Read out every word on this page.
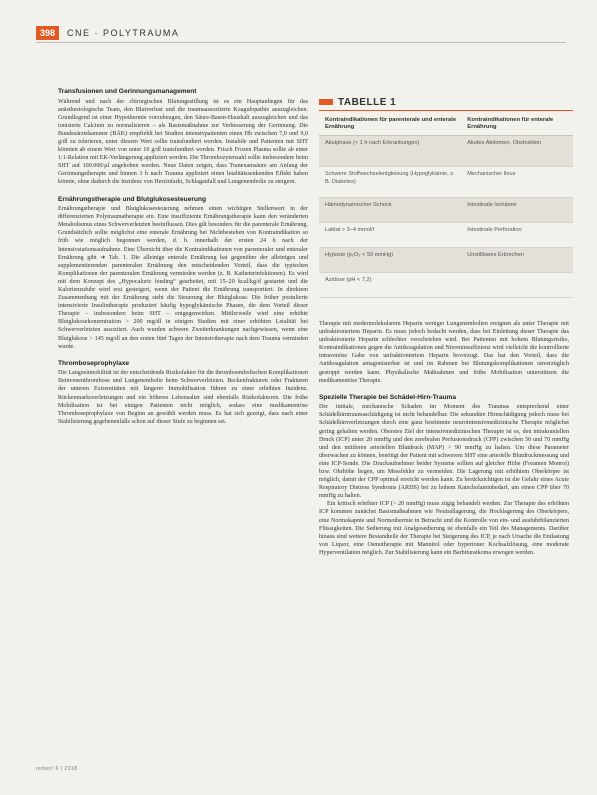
398	CNE · POLYTRAUMA
Transfusionen und Gerinnungsmanagement

Während und nach der chirurgischen Blutungsstillung ist es ein Hauptanliegen für das anästhesiologische Team, den Blutverlust und die traumaassoziierte Koagulopathie auszugleichen. Grundlegend ist einer Hypothermie vorzubeugen, den Säure-Basen-Haushalt auszugleichen und das ionisierte Calcium zu normalisieren – als Basismaßnahme zur Verbesserung der Gerinnung. Die Bundesärztekammer (BÄK) empfiehlt bei Studien intensivpatienten einen Hb zwischen 7,0 und 9,0 g/dl zu tolerieren, unter diesem Wert sollte transfundiert werden. Instabile und Patienten mit SHT könnten ab einem Wert von unter 10 g/dl transfundiert werden. Frisch Frozen Plasma sollte ab einer 1:1-Relation mit EK-Verlängerung appliziert werden. Die Thrombozytenzahl sollte insbesondere beim SHT auf 100.000/µl angehoben werden. Neue Daten zeigen, dass Tranexamsäure am Anfang der Gerinnungstherapie und binnen 3 h nach Trauma appliziert einen letalitätssenkenden Effekt haben könnte, ohne dadurch die Inzidenz von Herzinfarkt, Schlaganfall und Lungenembolie zu steigern.

Ernährungstherapie und Blutglukosesteuerung

Ernährungstherapie und Blutglukosesteuerung nehmen einen wichtigen Stellenwert in der differenzierten Polytraumatherapie ein. Eine insuffiziente Ernährungstherapie kann den veränderten Metabolismus eines Schwerverletzten beeinflussen. Dies gilt besonders für die parenterale Ernährung. Grundsätzlich sollte möglichst eine enterale Ernährung bei Nichtbestehen von Kontraindikation so früh wie möglich begonnen werden, d. h. innerhalb der ersten 24 h nach der Intensivstationsaufnahme. Eine Übersicht über die Kontraindikationen von parenteraler und enteraler Ernährung gibt ➜ Tab. 1. Die alleinige enterale Ernährung hat gegenüber der alleinigen und supplementierenden parenteralen Ernährung den entscheidenden Vorteil, dass die typischen Komplikationen der parenteralen Ernährung vermieden werden (z. B. Katheterinfektionen). Es wird mit dem Konzept des „Hypocaloric feeding“ gearbeitet, mit 15–20 kcal/kg/d gestartet und die Kalorienzufuhr wird erst gesteigert, wenn der Patient die Ernährung transportiert. In direktem Zusammenhang mit der Ernährung steht die Steuerung der Blutglukose. Die früher postulierte intensivierte Insulintherapie produziert häufig hypoglykämische Phasen, die dem Vorteil dieser Therapie – insbesondere beim SHT – entgegenwirken. Mittlerweile wird eine erhöhte Blutglukosekonzentration > 200 mg/dl in einigen Studien mit einer erhöhten Letalität bei Schwerverletzten assoziiert. Auch wurden schwere Zweiterkrankungen nachgewiesen, wenn eine Blutglukose > 145 mg/dl an den ersten fünf Tagen der Intensivtherapie nach dem Trauma vermieden wurde.

Thromboseprophylaxe

Die Langzeitmobilität ist der entscheidende Risikofaktor für die thromboembolischen Komplikationen Beinvenenthrombose und Lungenembolie beim Schwerverletzten. Beckenfrakturen oder Frakturen der unteren Extremitäten mit längerer Immobilisation führen zu einer erhöhten Inzidenz. Rückenmarksverletzungen und ein höheres Lebensalter sind ebenfalls Risikofaktoren. Die frühe Mobilisation ist bei einigen Patienten nicht möglich, sodass eine medikamentöse Thromboseprophylaxe von Beginn an gewählt werden muss. Es hat sich gezeigt, dass nach einer Stabilisierung gegebenenfalls schon auf dieser Stufe zu beginnen sei.

TABELLE 1
Kontraindikationen für parenterale und enterale Ernährung	Kontraindikationen für enterale Ernährung
Akutphase (< 1 h nach Erkrankungen)	Akutes Abdomen, Obstruktion
Schwere Stoffwechselentgleisung (Hypoglykämie, z. B. Diabetes)	Mechanischer Ileus
Hämodynamischer Schock	Intestinale Ischämie
Laktat > 3–4 mmol/l	Intestinale Perforation
Hypoxie (p₀O₂ < 50 mmHg)	Unstillbares Erbrechen
Azidose (pH < 7,2)	

Therapie mit niedermolekularem Heparin weniger Lungenembolien ereignen als unter Therapie mit unfraktioniertem Heparin. Es muss jedoch bedacht werden, dass bei Einleitung dieser Therapie das unfraktionierte Heparin schlechter verschrieben wird. Bei Patienten mit hohem Blutungsrisiko, Kontraindikationen gegen die Antikoagulation und Niereninsuffizienz wird vielleicht die kontrollierte intravenöse Gabe von unfraktioniertem Heparin bevorzugt. Das hat den Vorteil, dass die Antikoagulation antagonisierbar ist und im Rahmen bei Blutungskomplikationen unverzüglich gestoppt werden kann. Physikalische Maßnahmen und frühe Mobilisation unterstützen die medikamentöse Therapie.

Spezielle Therapie bei Schädel-Hirn-Trauma

Der initiale, mechanische Schaden im Moment des Traumas entsprechend einer Schädelhirntraumaschädigung ist nicht behandelbar. Die sekundäre Hirnschädigung jedoch muss bei Schädelhirnverletzungen durch eine ganz bestimmte neurointensivmedizinische Therapie möglichst gering gehalten werden. Oberstes Ziel der intensivmedizinischen Therapie ist es, den intrakraniellen Druck (ICP) unter 20 mmHg und den zerebralen Perfusionsdruck (CPP) zwischen 50 und 70 mmHg und den mittleren arteriellen Blutdruck (MAP) > 90 mmHg zu halten. Um diese Parameter überwachen zu können, benötigt der Patient mit schwerem SHT eine arterielle Blutdruckmessung und eine ICP-Sonde. Die Druckaufnehmer beider Systeme sollten auf gleicher Höhe (Foramen Monroi) bzw. Ohrhöhe liegen, um Messfehler zu vermeiden. Die Lagerung mit erhöhtem Oberkörper ist möglich, damit der CPP optimal erreicht werden kann. Zu berücksichtigen ist die Gefahr eines Acute Respiratory Distress Syndroms (ARDS) bei zu hohem Katecholaminbedarf, um einen CPP über 70 mmHg zu halten.

Ein kritisch erhöhter ICP (> 20 mmHg) muss zügig behandelt werden. Zur Therapie des erhöhten ICP kommen zunächst Basismaßnahmen wie Neutrallagerung, die Hochlagerung des Oberkörpers, eine Normokapnie und Normothermie in Betracht und die Kontrolle von ein- und ausfuhrbilanzierten Flüssigkeiten. Die Sedierung mit Analgosedierung ist ebenfalls ein Teil des Managements. Darüber hinaus sind weitere Bestandteile der Therapie bei Steigerung des ICP, je nach Ursache die Entlastung von Liquor, eine Osmotherapie mit Mannitol oder hypertoner Kochsalzlösung, eine moderate Hyperventilation möglich. Zur Stabilisierung kann ein Barbituratkoma erwogen werden.

retten! 6 | 2018
